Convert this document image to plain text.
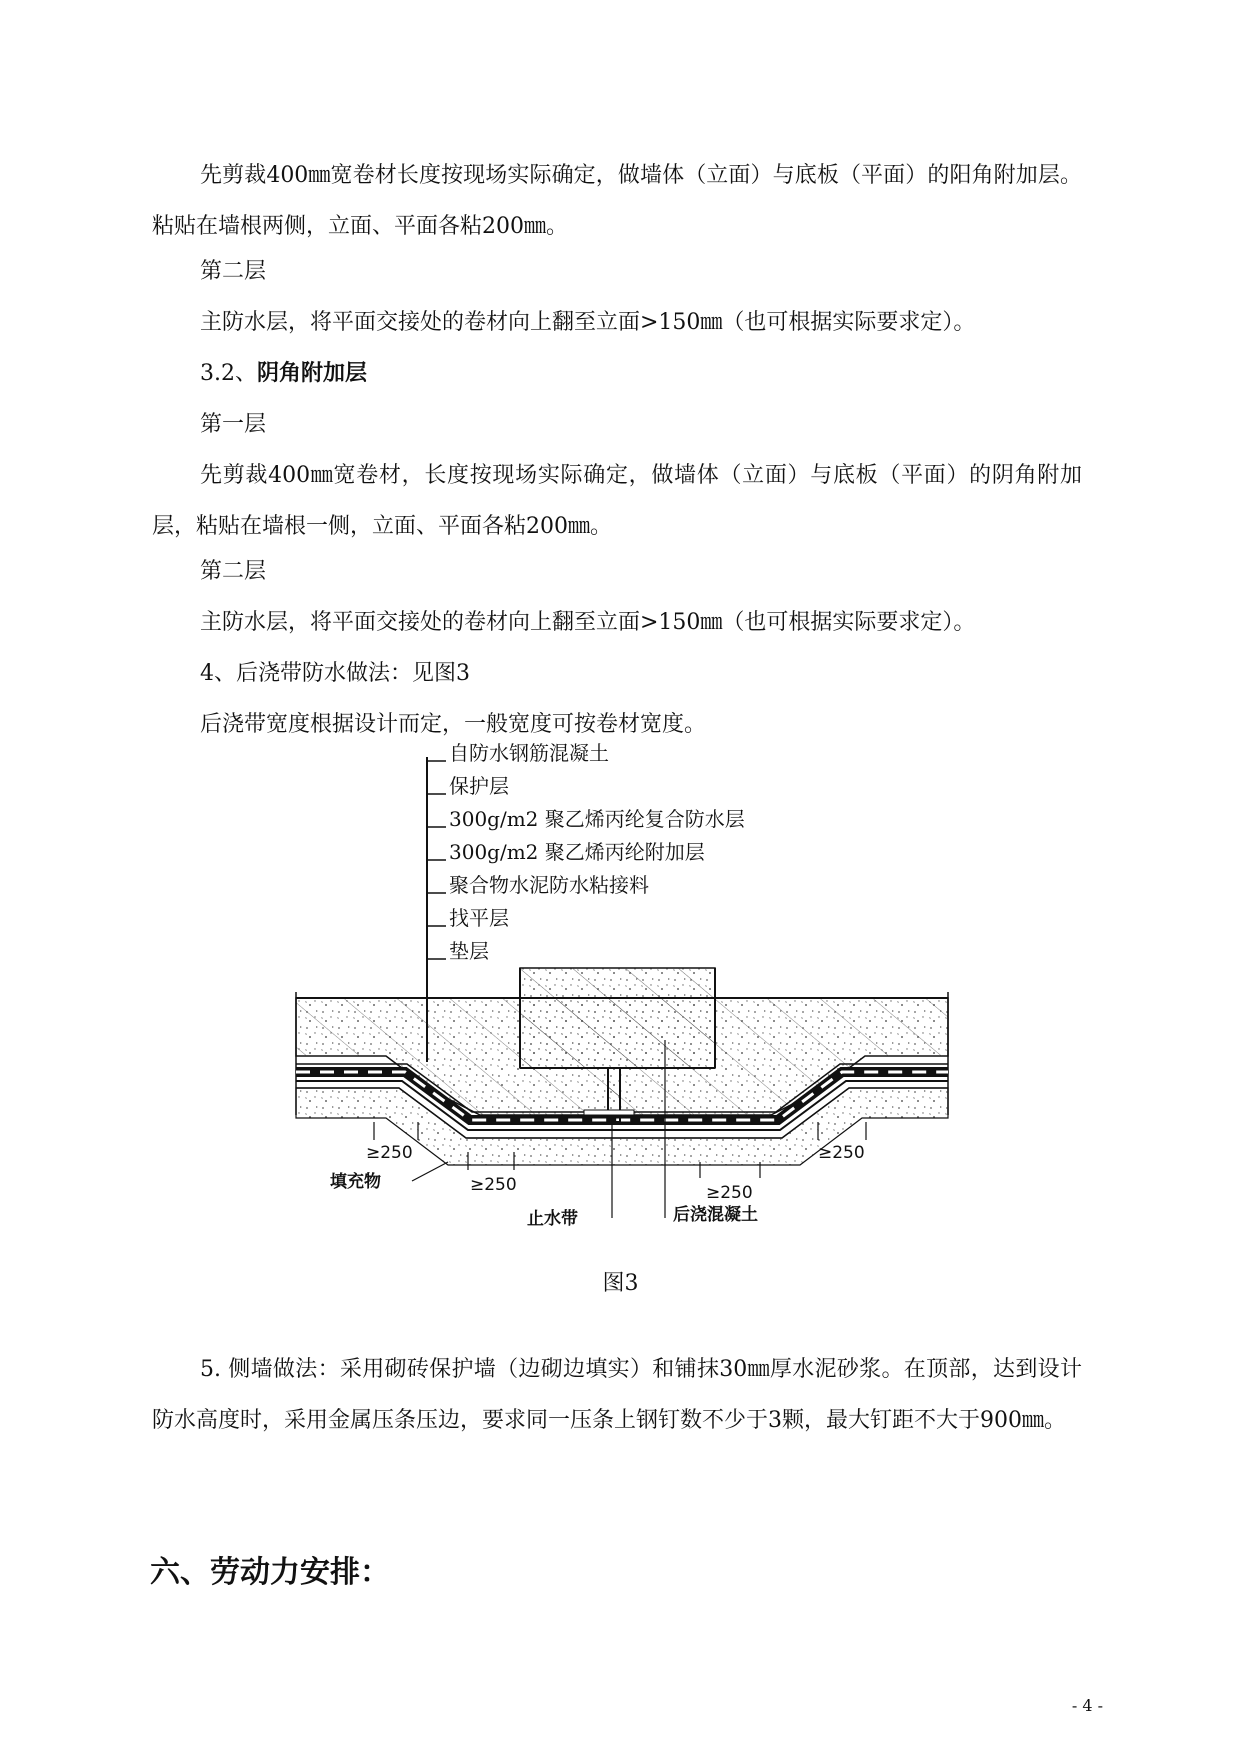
先剪裁400㎜宽卷材长度按现场实际确定，做墙体（立面）与底板（平面）的阳角附加层。粘贴在墙根两侧，立面、平面各粘200㎜。

第二层

主防水层，将平面交接处的卷材向上翻至立面>150㎜（也可根据实际要求定）。

3.2、阴角附加层

第一层

先剪裁400㎜宽卷材，长度按现场实际确定，做墙体（立面）与底板（平面）的阴角附加层，粘贴在墙根一侧，立面、平面各粘200㎜。

第二层

主防水层，将平面交接处的卷材向上翻至立面>150㎜（也可根据实际要求定）。

4、后浇带防水做法：见图3

后浇带宽度根据设计而定，一般宽度可按卷材宽度。

自防水钢筋混凝土
保护层
300g/m2 聚乙烯丙纶复合防水层
300g/m2 聚乙烯丙纶附加层
聚合物水泥防水粘接料
找平层
垫层
≥250
≥250	≥250
≥250
填充物
止水带	后浇混凝土

图3

5. 侧墙做法：采用砌砖保护墙（边砌边填实）和铺抹30㎜厚水泥砂浆。在顶部，达到设计防水高度时，采用金属压条压边，要求同一压条上钢钉数不少于3颗，最大钉距不大于900㎜。

六、劳动力安排：

- 4 -
